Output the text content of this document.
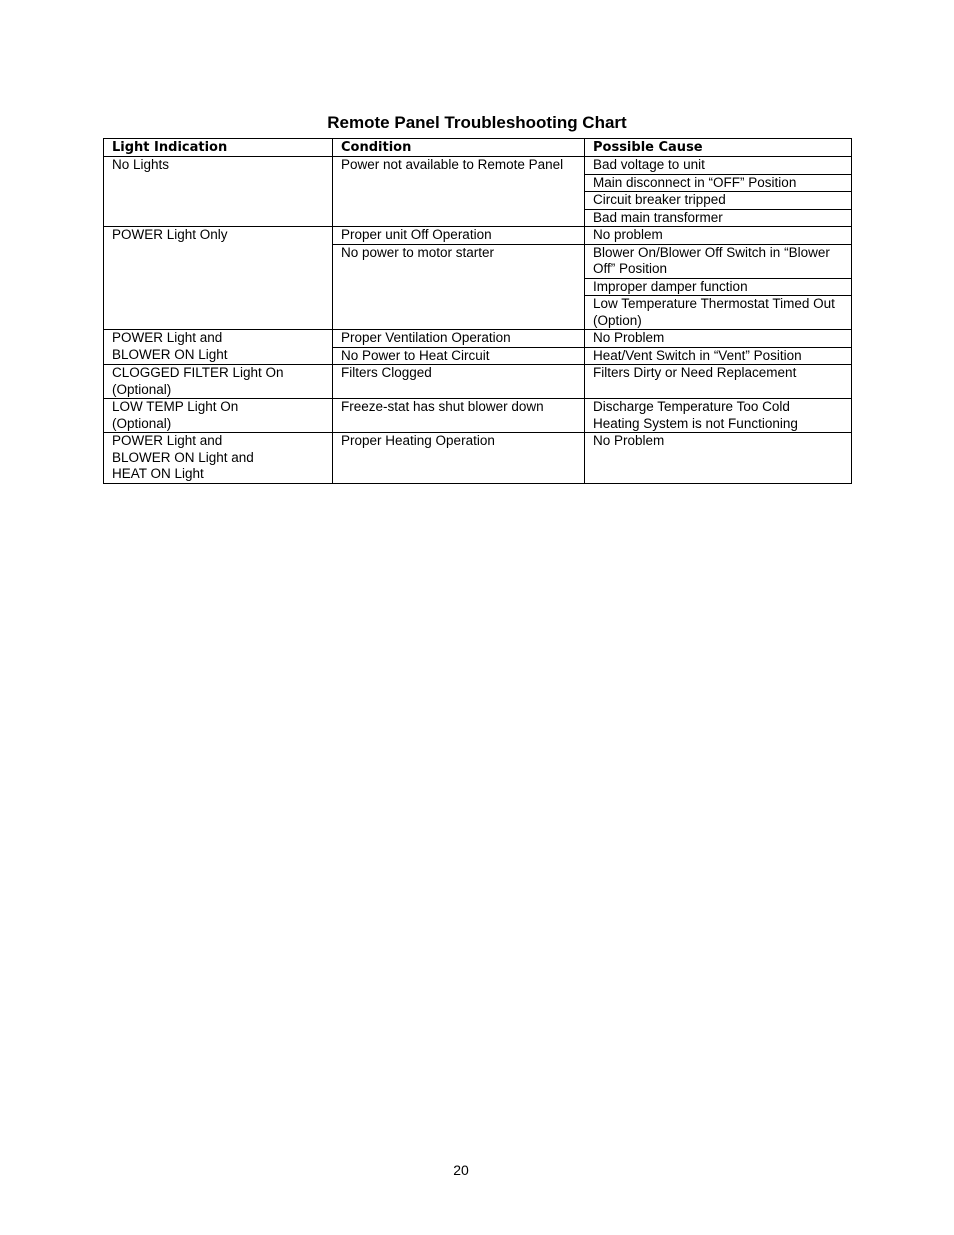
Remote Panel Troubleshooting Chart
Light Indication	Condition	Possible Cause
No Lights	Power not available to Remote Panel	Bad voltage to unit
		Main disconnect in “OFF” Position
		Circuit breaker tripped
		Bad main transformer
POWER Light Only	Proper unit Off Operation	No problem
	No power to motor starter	Blower On/Blower Off Switch in “Blower Off” Position
		Improper damper function
		Low Temperature Thermostat Timed Out (Option)
POWER Light and
BLOWER ON Light	Proper Ventilation Operation	No Problem
	No Power to Heat Circuit	Heat/Vent Switch in “Vent” Position
CLOGGED FILTER Light On
(Optional)	Filters Clogged	Filters Dirty or Need Replacement
LOW TEMP Light On
(Optional)	Freeze-stat has shut blower down	Discharge Temperature Too Cold
Heating System is not Functioning
POWER Light and
BLOWER ON Light and
HEAT ON Light	Proper Heating Operation	No Problem
20
